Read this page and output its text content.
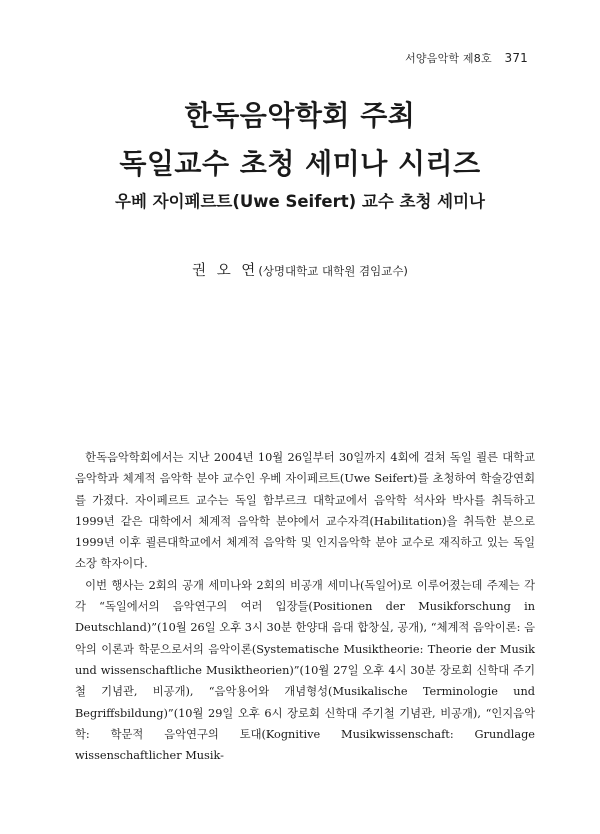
서양음악학 제8호 371
한독음악학회 주최
독일교수 초청 세미나 시리즈
우베 자이페르트(Uwe Seifert) 교수 초청 세미나
권 오 연(상명대학교 대학원 겸임교수)

한독음악학회에서는 지난 2004년 10월 26일부터 30일까지 4회에 걸쳐 독일 쾰른 대학교 음악학과 체계적 음악학 분야 교수인 우베 자이페르트(Uwe Seifert)를 초청하여 학술강연회를 가졌다. 자이페르트 교수는 독일 함부르크 대학교에서 음악학 석사와 박사를 취득하고 1999년 같은 대학에서 체계적 음악학 분야에서 교수자격(Habilitation)을 취득한 분으로 1999년 이후 쾰른대학교에서 체계적 음악학 및 인지음악학 분야 교수로 재직하고 있는 독일 소장 학자이다.

이번 행사는 2회의 공개 세미나와 2회의 비공개 세미나(독일어)로 이루어졌는데 주제는 각각 “독일에서의 음악연구의 여러 입장들(Positionen der Musikforschung in Deutschland)”(10월 26일 오후 3시 30분 한양대 음대 합창실, 공개), “체계적 음악이론: 음악의 이론과 학문으로서의 음악이론(Systematische Musiktheorie: Theorie der Musik und wissenschaftliche Musiktheorien)”(10월 27일 오후 4시 30분 장로회 신학대 주기철 기념관, 비공개), “음악용어와 개념형성(Musikalische Terminologie und Begriffsbildung)”(10월 29일 오후 6시 장로회 신학대 주기철 기념관, 비공개), “인지음악학: 학문적 음악연구의 토대(Kognitive Musikwissenschaft: Grundlage wissenschaftlicher Musik-
